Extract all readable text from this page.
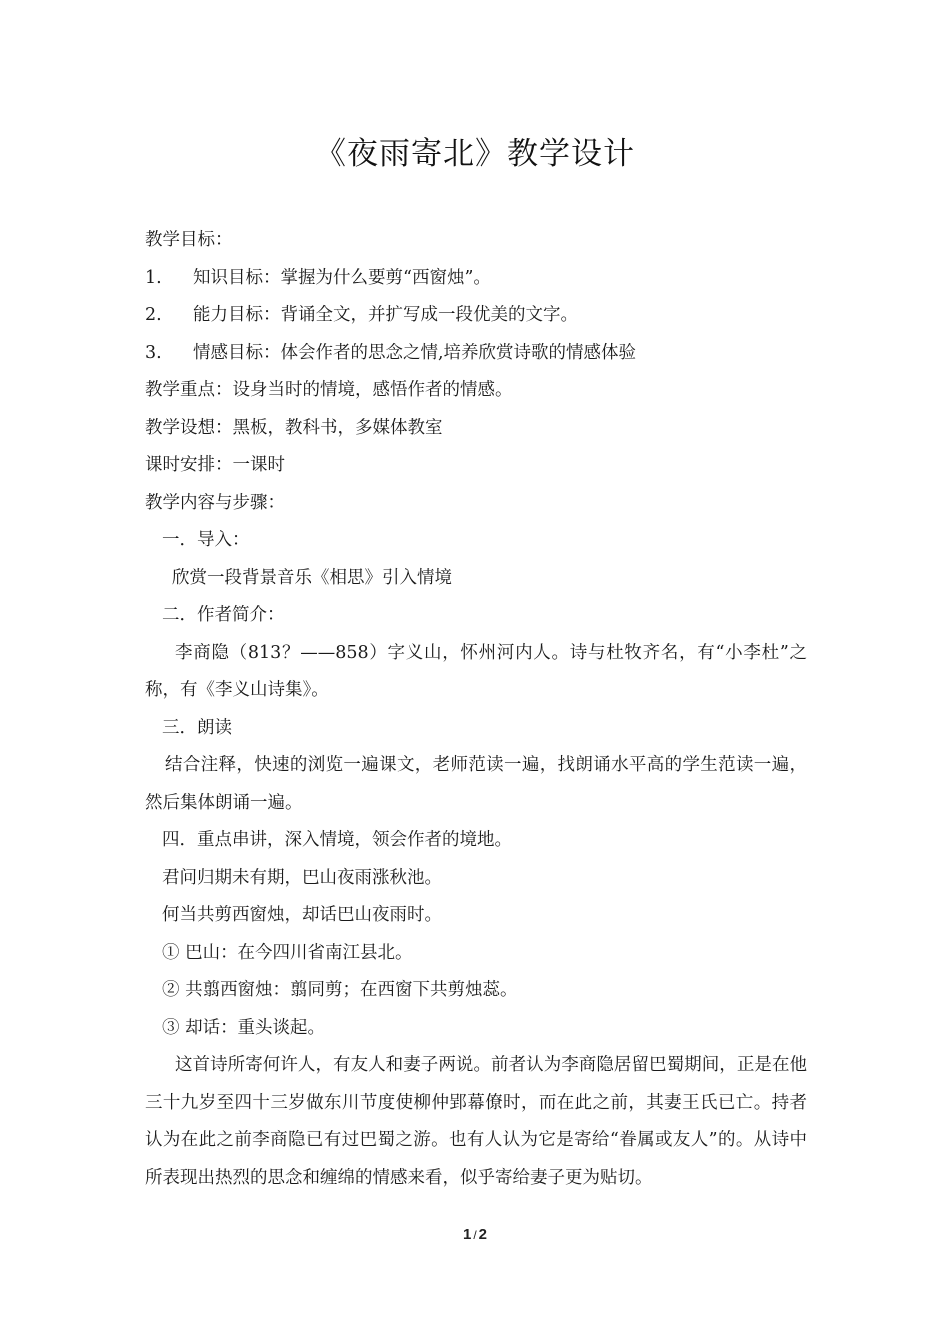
《夜雨寄北》教学设计

教学目标：

1.	知识目标：掌握为什么要剪“西窗烛”。
2.	能力目标：背诵全文，并扩写成一段优美的文字。
3.	情感目标：体会作者的思念之情,培养欣赏诗歌的情感体验

教学重点：设身当时的情境，感悟作者的情感。

教学设想：黑板，教科书，多媒体教室

课时安排：一课时

教学内容与步骤：

一．导入：

欣赏一段背景音乐《相思》引入情境

二．作者简介：

李商隐（813？——858）字义山，怀州河内人。诗与杜牧齐名，有“小李杜”之称，有《李义山诗集》。

三．朗读

结合注释，快速的浏览一遍课文，老师范读一遍，找朗诵水平高的学生范读一遍，然后集体朗诵一遍。

四．重点串讲，深入情境，领会作者的境地。

君问归期未有期，巴山夜雨涨秋池。

何当共剪西窗烛，却话巴山夜雨时。

① 巴山：在今四川省南江县北。

② 共翦西窗烛：翦同剪；在西窗下共剪烛蕊。

③ 却话：重头谈起。

这首诗所寄何许人，有友人和妻子两说。前者认为李商隐居留巴蜀期间，正是在他三十九岁至四十三岁做东川节度使柳仲郢幕僚时，而在此之前，其妻王氏已亡。持者认为在此之前李商隐已有过巴蜀之游。也有人认为它是寄给“眷属或友人”的。从诗中所表现出热烈的思念和缠绵的情感来看，似乎寄给妻子更为贴切。

1 / 2
